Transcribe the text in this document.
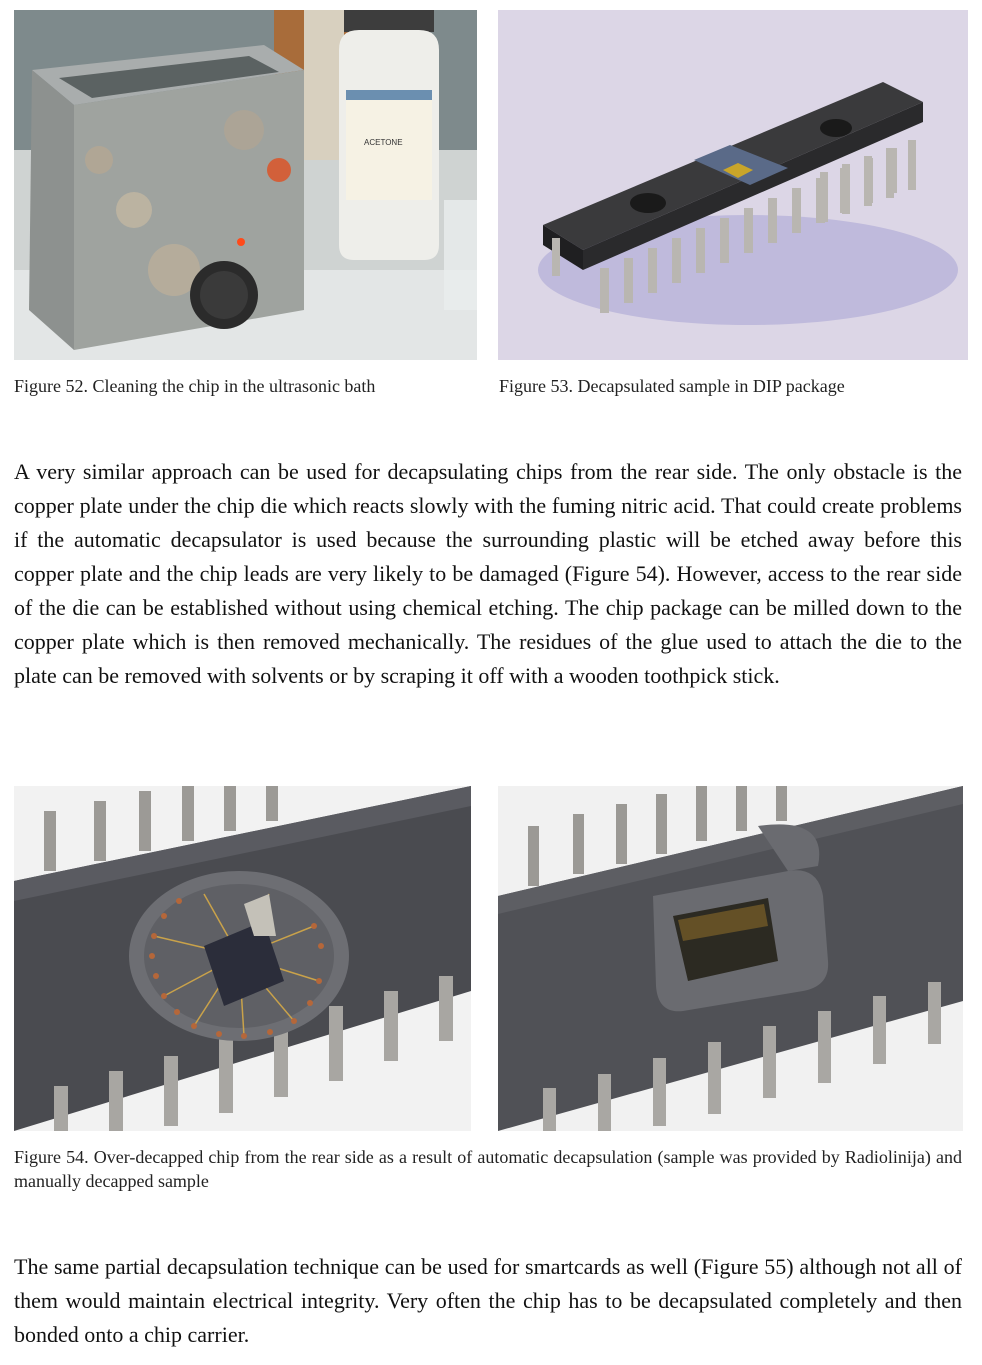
ACETONE
Figure 52. Cleaning the chip in the ultrasonic bath	Figure 53. Decapsulated sample in DIP package

A very similar approach can be used for decapsulating chips from the rear side. The only obstacle is the copper plate under the chip die which reacts slowly with the fuming nitric acid. That could create problems if the automatic decapsulator is used because the surrounding plastic will be etched away before this copper plate and the chip leads are very likely to be damaged (Figure 54). However, access to the rear side of the die can be established without using chemical etching. The chip package can be milled down to the copper plate which is then removed mechanically. The residues of the glue used to attach the die to the plate can be removed with solvents or by scraping it off with a wooden toothpick stick.

Figure 54. Over-decapped chip from the rear side as a result of automatic decapsulation (sample was provided by Radiolinija) and manually decapped sample

The same partial decapsulation technique can be used for smartcards as well (Figure 55) although not all of them would maintain electrical integrity. Very often the chip has to be decapsulated completely and then bonded onto a chip carrier.
